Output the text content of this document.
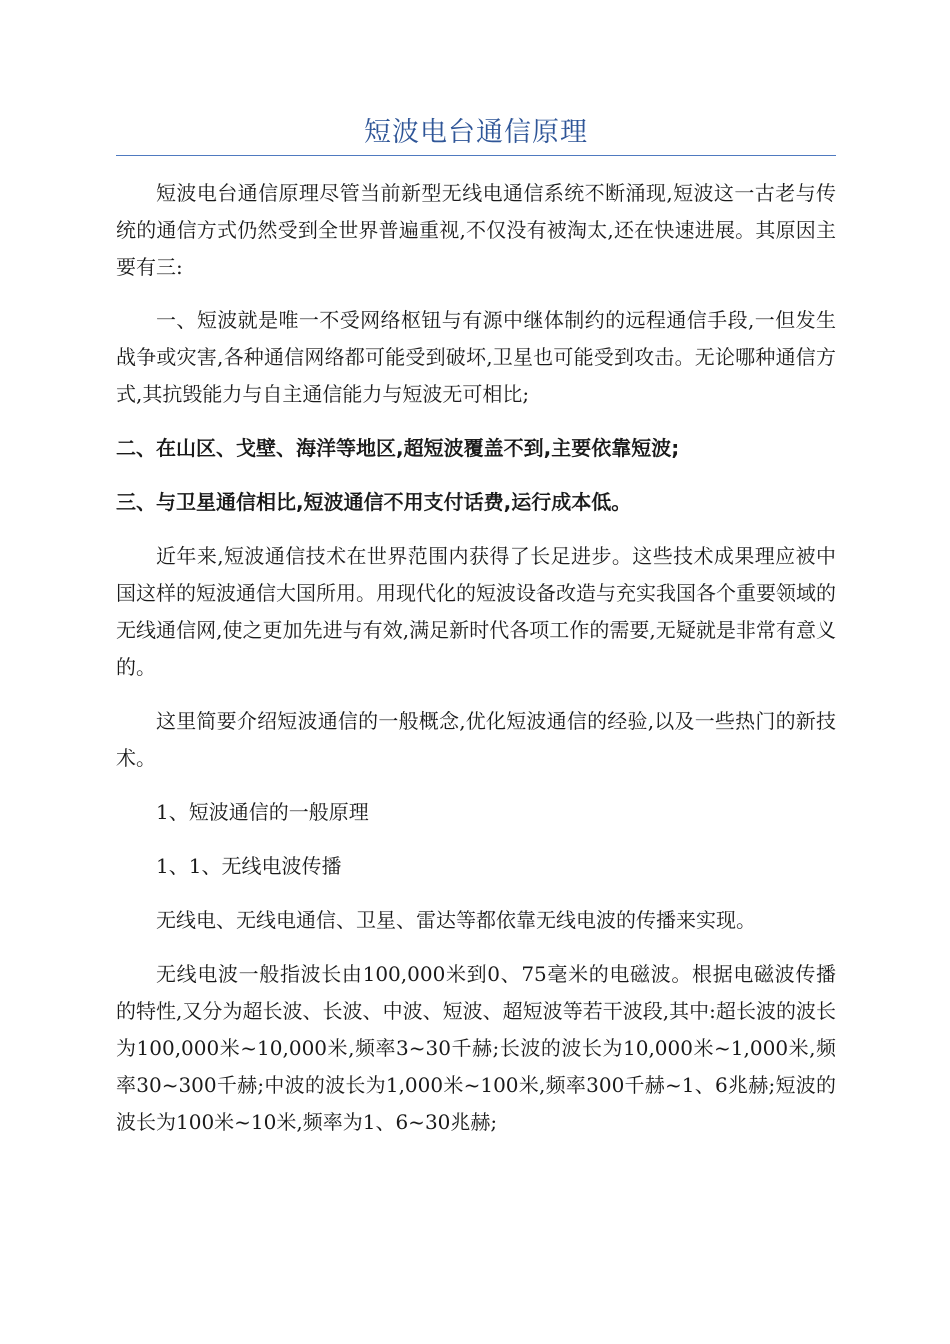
短波电台通信原理

短波电台通信原理尽管当前新型无线电通信系统不断涌现,短波这一古老与传统的通信方式仍然受到全世界普遍重视,不仅没有被淘太,还在快速进展。其原因主要有三:

一、短波就是唯一不受网络枢钮与有源中继体制约的远程通信手段,一但发生战争或灾害,各种通信网络都可能受到破坏,卫星也可能受到攻击。无论哪种通信方式,其抗毁能力与自主通信能力与短波无可相比;

二、在山区、戈壁、海洋等地区,超短波覆盖不到,主要依靠短波;

三、与卫星通信相比,短波通信不用支付话费,运行成本低。

近年来,短波通信技术在世界范围内获得了长足进步。这些技术成果理应被中国这样的短波通信大国所用。用现代化的短波设备改造与充实我国各个重要领域的无线通信网,使之更加先进与有效,满足新时代各项工作的需要,无疑就是非常有意义的。

这里简要介绍短波通信的一般概念,优化短波通信的经验,以及一些热门的新技术。

1、短波通信的一般原理

1、1、无线电波传播

无线电、无线电通信、卫星、雷达等都依靠无线电波的传播来实现。

无线电波一般指波长由100,000米到0、75毫米的电磁波。根据电磁波传播的特性,又分为超长波、长波、中波、短波、超短波等若干波段,其中:超长波的波长为100,000米~10,000米,频率3~30千赫;长波的波长为10,000米~1,000米,频率30~300千赫;中波的波长为1,000米~100米,频率300千赫~1、6兆赫;短波的波长为100米~10米,频率为1、6~30兆赫;
